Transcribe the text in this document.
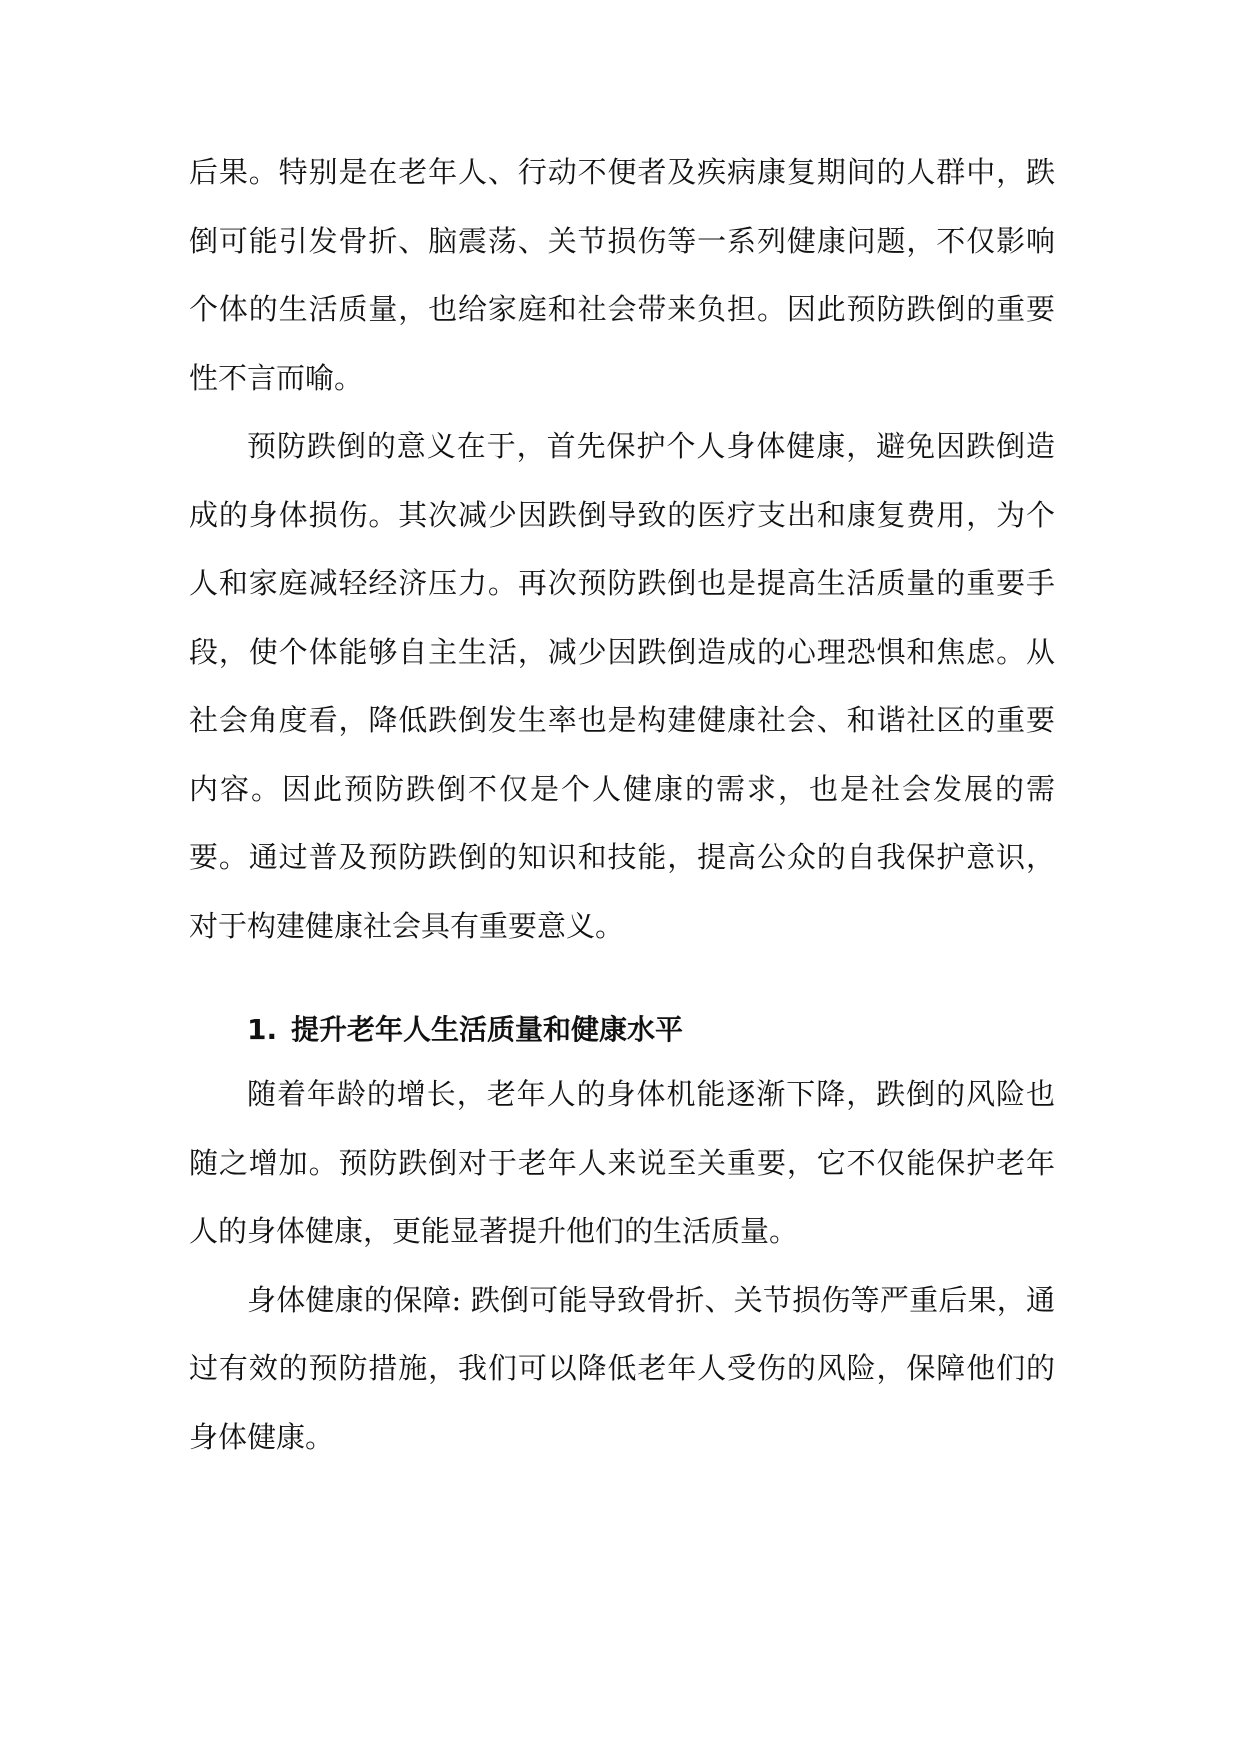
后果。特别是在老年人、行动不便者及疾病康复期间的人群中，跌倒可能引发骨折、脑震荡、关节损伤等一系列健康问题，不仅影响个体的生活质量，也给家庭和社会带来负担。因此预防跌倒的重要性不言而喻。

预防跌倒的意义在于，首先保护个人身体健康，避免因跌倒造成的身体损伤。其次减少因跌倒导致的医疗支出和康复费用，为个人和家庭减轻经济压力。再次预防跌倒也是提高生活质量的重要手段，使个体能够自主生活，减少因跌倒造成的心理恐惧和焦虑。从社会角度看，降低跌倒发生率也是构建健康社会、和谐社区的重要内容。因此预防跌倒不仅是个人健康的需求，也是社会发展的需要。通过普及预防跌倒的知识和技能，提高公众的自我保护意识，对于构建健康社会具有重要意义。

1. 提升老年人生活质量和健康水平

随着年龄的增长，老年人的身体机能逐渐下降，跌倒的风险也随之增加。预防跌倒对于老年人来说至关重要，它不仅能保护老年人的身体健康，更能显著提升他们的生活质量。

身体健康的保障: 跌倒可能导致骨折、关节损伤等严重后果，通过有效的预防措施，我们可以降低老年人受伤的风险，保障他们的身体健康。
